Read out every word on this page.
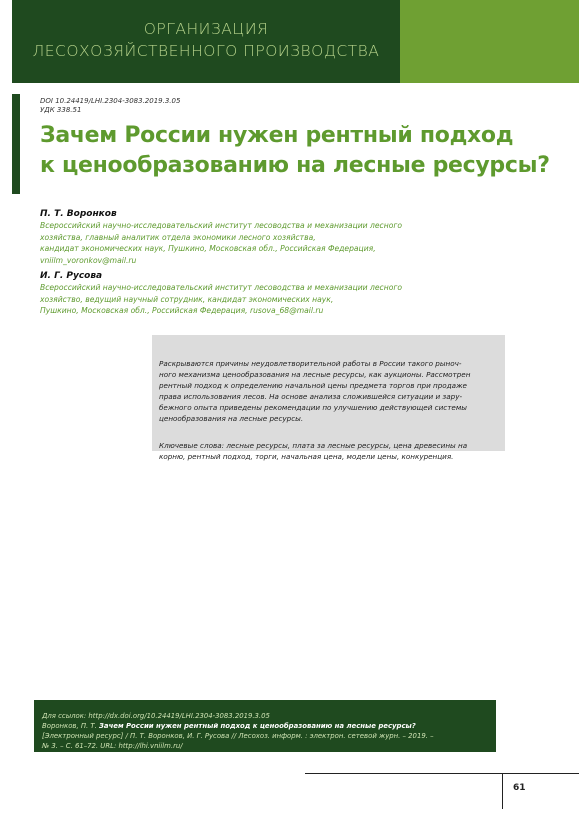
ОРГАНИЗАЦИЯ
ЛЕСОХОЗЯЙСТВЕННОГО ПРОИЗВОДСТВА
DOI 10.24419/LHI.2304-3083.2019.3.05
УДК 338.51
Зачем России нужен рентный подход
к ценообразованию на лесные ресурсы?
П. Т. Воронков
Всероссийский научно-исследовательский институт лесоводства и механизации лесного
хозяйства, главный аналитик отдела экономики лесного хозяйства,
кандидат экономических наук, Пушкино, Московская обл., Российская Федерация,
vniilm_voronkov@mail.ru
И. Г. Русова
Всероссийский научно-исследовательский институт лесоводства и механизации лесного
хозяйство, ведущий научный сотрудник, кандидат экономических наук,
Пушкино, Московская обл., Российская Федерация, rusova_68@mail.ru

Раскрываются причины неудовлетворительной работы в России такого рыноч-
ного механизма ценообразования на лесные ресурсы, как аукционы. Рассмотрен
рентный подход к определению начальной цены предмета торгов при продаже
права использования лесов. На основе анализа сложившейся ситуации и зару-
бежного опыта приведены рекомендации по улучшению действующей системы
ценообразования на лесные ресурсы.

Ключевые слова: лесные ресурсы, плата за лесные ресурсы, цена древесины на
корню, рентный подход, торги, начальная цена, модели цены, конкуренция.

Для ссылок: http://dx.doi.org/10.24419/LHI.2304-3083.2019.3.05
Воронков, П. Т. Зачем России нужен рентный подход к ценообразованию на лесные ресурсы?
[Электронный ресурс] / П. Т. Воронков, И. Г. Русова // Лесохоз. информ. : электрон. сетевой журн. – 2019. –
№ 3. – С. 61–72. URL: http://lhi.vniilm.ru/
61
